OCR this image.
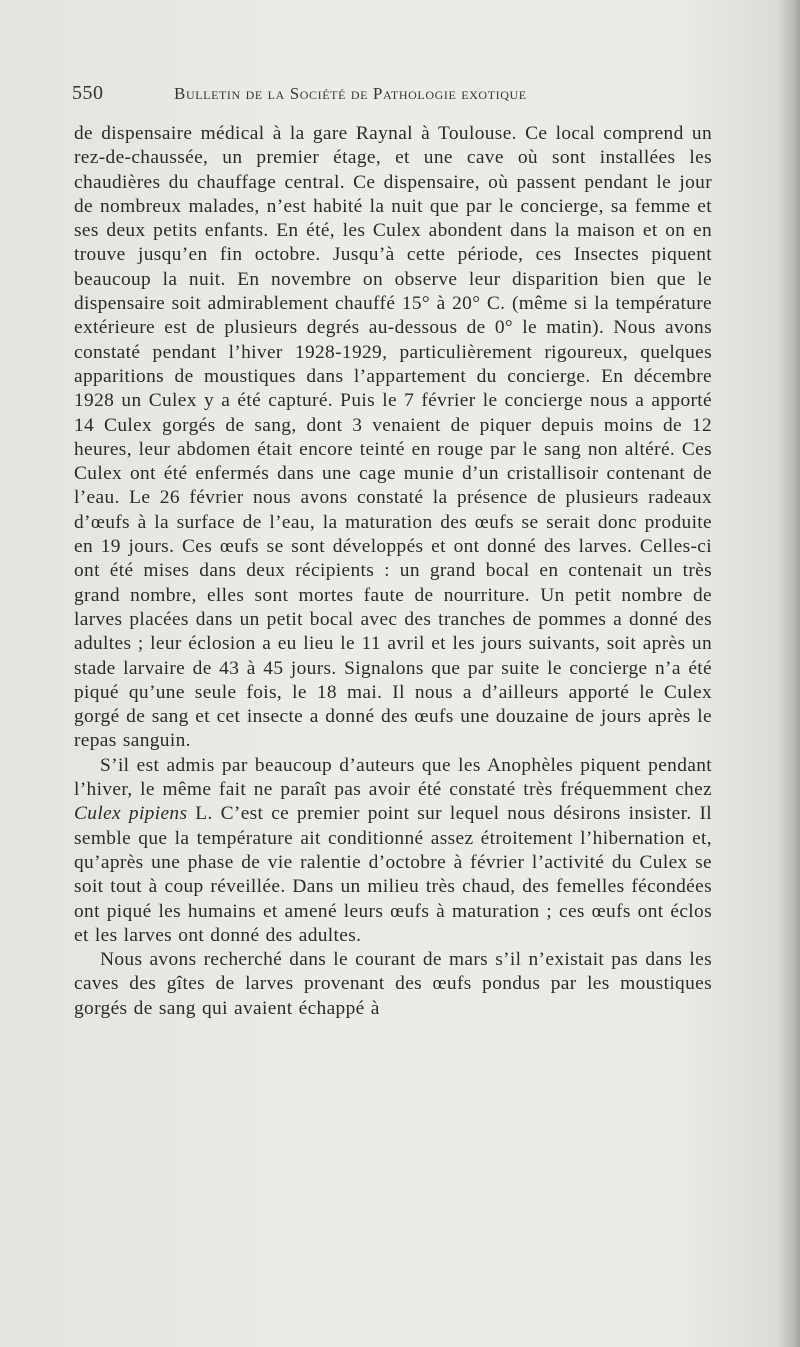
550	Bulletin de la Société de Pathologie exotique

de dispensaire médical à la gare Raynal à Toulouse. Ce local comprend un rez-de-chaussée, un premier étage, et une cave où sont installées les chaudières du chauffage central. Ce dispensaire, où passent pendant le jour de nombreux malades, n’est habité la nuit que par le concierge, sa femme et ses deux petits enfants. En été, les Culex abondent dans la maison et on en trouve jusqu’en fin octobre. Jusqu’à cette période, ces Insectes piquent beaucoup la nuit. En novembre on observe leur disparition bien que le dispensaire soit admirablement chauffé 15° à 20° C. (même si la température extérieure est de plusieurs degrés au-dessous de 0° le matin). Nous avons constaté pendant l’hiver 1928-1929, particulièrement rigoureux, quelques apparitions de moustiques dans l’appartement du concierge. En décembre 1928 un Culex y a été capturé. Puis le 7 février le concierge nous a apporté 14 Culex gorgés de sang, dont 3 venaient de piquer depuis moins de 12 heures, leur abdomen était encore teinté en rouge par le sang non altéré. Ces Culex ont été enfermés dans une cage munie d’un cristallisoir contenant de l’eau. Le 26 février nous avons constaté la présence de plusieurs radeaux d’œufs à la surface de l’eau, la maturation des œufs se serait donc produite en 19 jours. Ces œufs se sont développés et ont donné des larves. Celles-ci ont été mises dans deux récipients : un grand bocal en contenait un très grand nombre, elles sont mortes faute de nourriture. Un petit nombre de larves placées dans un petit bocal avec des tranches de pommes a donné des adultes ; leur éclosion a eu lieu le 11 avril et les jours suivants, soit après un stade larvaire de 43 à 45 jours. Signalons que par suite le concierge n’a été piqué qu’une seule fois, le 18 mai. Il nous a d’ailleurs apporté le Culex gorgé de sang et cet insecte a donné des œufs une douzaine de jours après le repas sanguin.

S’il est admis par beaucoup d’auteurs que les Anophèles piquent pendant l’hiver, le même fait ne paraît pas avoir été constaté très fréquemment chez Culex pipiens L. C’est ce premier point sur lequel nous désirons insister. Il semble que la température ait conditionné assez étroitement l’hibernation et, qu’après une phase de vie ralentie d’octobre à février l’activité du Culex se soit tout à coup réveillée. Dans un milieu très chaud, des femelles fécondées ont piqué les humains et amené leurs œufs à maturation ; ces œufs ont éclos et les larves ont donné des adultes.

Nous avons recherché dans le courant de mars s’il n’existait pas dans les caves des gîtes de larves provenant des œufs pondus par les moustiques gorgés de sang qui avaient échappé à
